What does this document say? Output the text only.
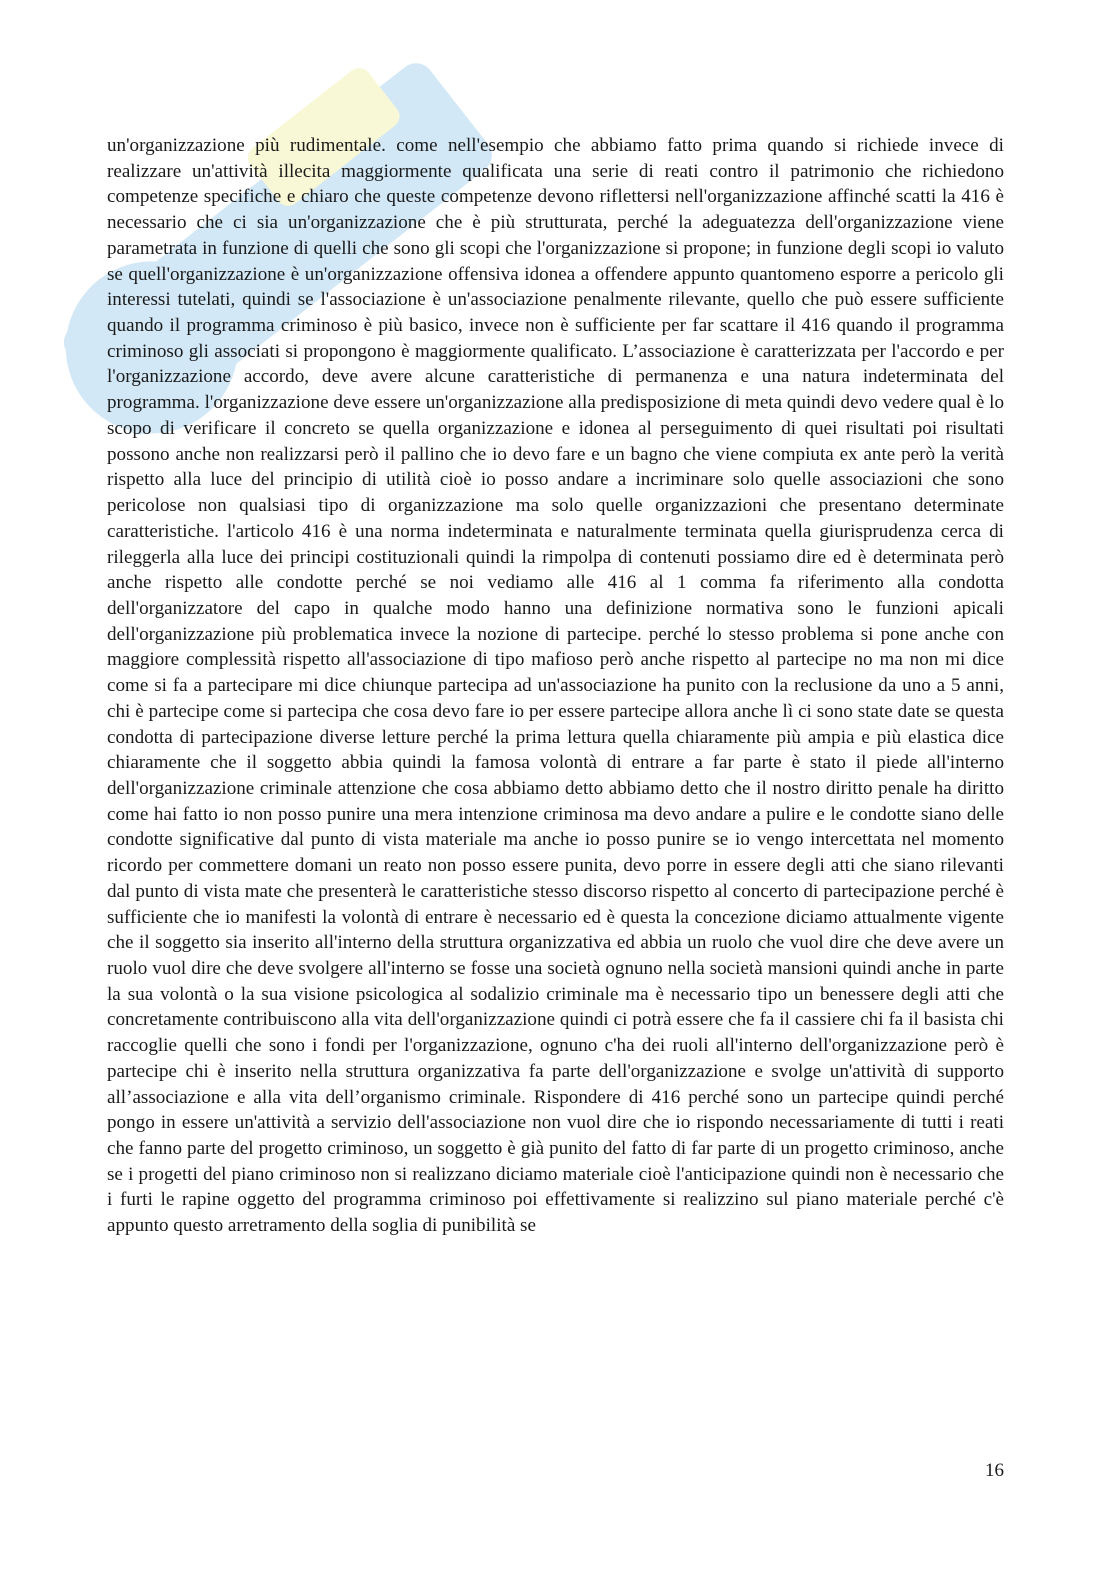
un'organizzazione più rudimentale. come nell'esempio che abbiamo fatto prima quando si richiede invece di realizzare un'attività illecita maggiormente qualificata una serie di reati contro il patrimonio che richiedono competenze specifiche e chiaro che queste competenze devono riflettersi nell'organizzazione affinché scatti la 416 è necessario che ci sia un'organizzazione che è più strutturata, perché la adeguatezza dell'organizzazione viene parametrata in funzione di quelli che sono gli scopi che l'organizzazione si propone; in funzione degli scopi io valuto se quell'organizzazione è un'organizzazione offensiva idonea a offendere appunto quantomeno esporre a pericolo gli interessi tutelati, quindi se l'associazione è un'associazione penalmente rilevante, quello che può essere sufficiente quando il programma criminoso è più basico, invece non è sufficiente per far scattare il 416 quando il programma criminoso gli associati si propongono è maggiormente qualificato. L’associazione è caratterizzata per l'accordo e per l'organizzazione accordo, deve avere alcune caratteristiche di permanenza e una natura indeterminata del programma. l'organizzazione deve essere un'organizzazione alla predisposizione di meta quindi devo vedere qual è lo scopo di verificare il concreto se quella organizzazione e idonea al perseguimento di quei risultati poi risultati possono anche non realizzarsi però il pallino che io devo fare e un bagno che viene compiuta ex ante però la verità rispetto alla luce del principio di utilità cioè io posso andare a incriminare solo quelle associazioni che sono pericolose non qualsiasi tipo di organizzazione ma solo quelle organizzazioni che presentano determinate caratteristiche. l'articolo 416 è una norma indeterminata e naturalmente terminata quella giurisprudenza cerca di rileggerla alla luce dei principi costituzionali quindi la rimpolpa di contenuti possiamo dire ed è determinata però anche rispetto alle condotte perché se noi vediamo alle 416 al 1 comma fa riferimento alla condotta dell'organizzatore del capo in qualche modo hanno una definizione normativa sono le funzioni apicali dell'organizzazione più problematica invece la nozione di partecipe. perché lo stesso problema si pone anche con maggiore complessità rispetto all'associazione di tipo mafioso però anche rispetto al partecipe no ma non mi dice come si fa a partecipare mi dice chiunque partecipa ad un'associazione ha punito con la reclusione da uno a 5 anni, chi è partecipe come si partecipa che cosa devo fare io per essere partecipe allora anche lì ci sono state date se questa condotta di partecipazione diverse letture perché la prima lettura quella chiaramente più ampia e più elastica dice chiaramente che il soggetto abbia quindi la famosa volontà di entrare a far parte è stato il piede all'interno dell'organizzazione criminale attenzione che cosa abbiamo detto abbiamo detto che il nostro diritto penale ha diritto come hai fatto io non posso punire una mera intenzione criminosa ma devo andare a pulire e le condotte siano delle condotte significative dal punto di vista materiale ma anche io posso punire se io vengo intercettata nel momento ricordo per commettere domani un reato non posso essere punita, devo porre in essere degli atti che siano rilevanti dal punto di vista mate che presenterà le caratteristiche stesso discorso rispetto al concerto di partecipazione perché è sufficiente che io manifesti la volontà di entrare è necessario ed è questa la concezione diciamo attualmente vigente che il soggetto sia inserito all'interno della struttura organizzativa ed abbia un ruolo che vuol dire che deve avere un ruolo vuol dire che deve svolgere all'interno se fosse una società ognuno nella società mansioni quindi anche in parte la sua volontà o la sua visione psicologica al sodalizio criminale ma è necessario tipo un benessere degli atti che concretamente contribuiscono alla vita dell'organizzazione quindi ci potrà essere che fa il cassiere chi fa il basista chi raccoglie quelli che sono i fondi per l'organizzazione, ognuno c'ha dei ruoli all'interno dell'organizzazione però è partecipe chi è inserito nella struttura organizzativa fa parte dell'organizzazione e svolge un'attività di supporto all’associazione e alla vita dell’organismo criminale. Rispondere di 416 perché sono un partecipe quindi perché pongo in essere un'attività a servizio dell'associazione non vuol dire che io rispondo necessariamente di tutti i reati che fanno parte del progetto criminoso, un soggetto è già punito del fatto di far parte di un progetto criminoso, anche se i progetti del piano criminoso non si realizzano diciamo materiale cioè l'anticipazione quindi non è necessario che i furti le rapine oggetto del programma criminoso poi effettivamente si realizzino sul piano materiale perché c'è appunto questo arretramento della soglia di punibilità se

16
